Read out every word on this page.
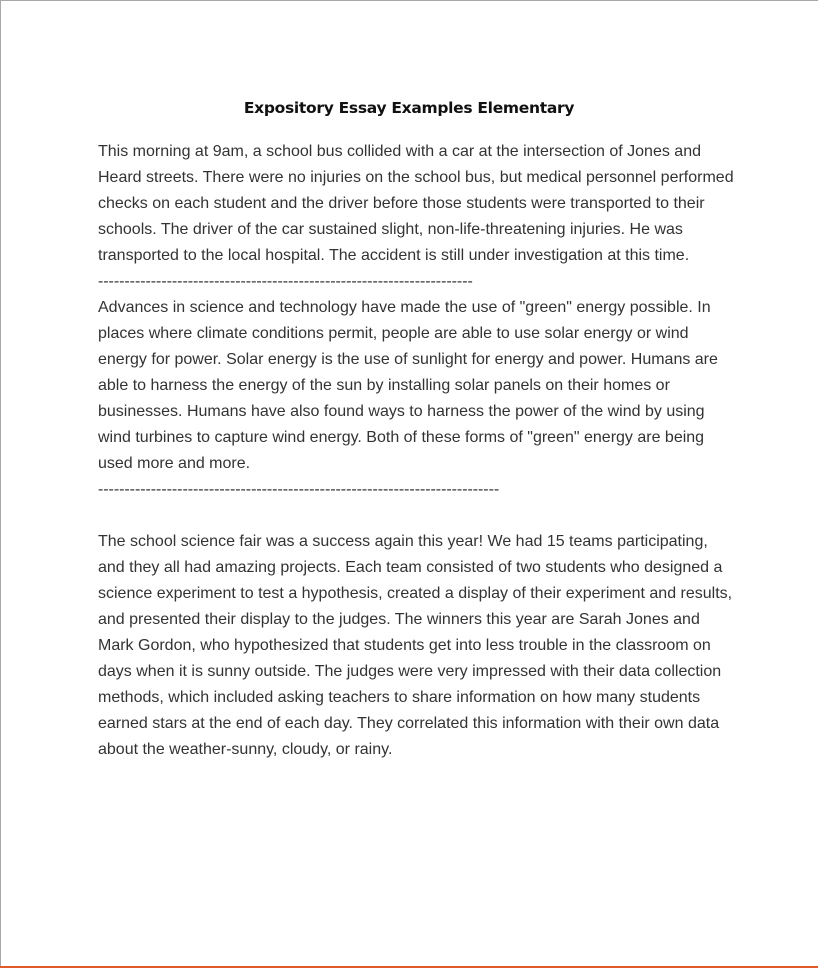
Expository Essay Examples Elementary

This morning at 9am, a school bus collided with a car at the intersection of Jones and Heard streets. There were no injuries on the school bus, but medical personnel performed checks on each student and the driver before those students were transported to their schools. The driver of the car sustained slight, non-life-threatening injuries. He was transported to the local hospital. The accident is still under investigation at this time.

-----------------------------------------------------------------------

Advances in science and technology have made the use of "green" energy possible. In places where climate conditions permit, people are able to use solar energy or wind energy for power. Solar energy is the use of sunlight for energy and power. Humans are able to harness the energy of the sun by installing solar panels on their homes or businesses. Humans have also found ways to harness the power of the wind by using wind turbines to capture wind energy. Both of these forms of "green" energy are being used more and more.

----------------------------------------------------------------------------

The school science fair was a success again this year! We had 15 teams participating, and they all had amazing projects. Each team consisted of two students who designed a science experiment to test a hypothesis, created a display of their experiment and results, and presented their display to the judges. The winners this year are Sarah Jones and Mark Gordon, who hypothesized that students get into less trouble in the classroom on days when it is sunny outside. The judges were very impressed with their data collection methods, which included asking teachers to share information on how many students earned stars at the end of each day. They correlated this information with their own data about the weather-sunny, cloudy, or rainy.
